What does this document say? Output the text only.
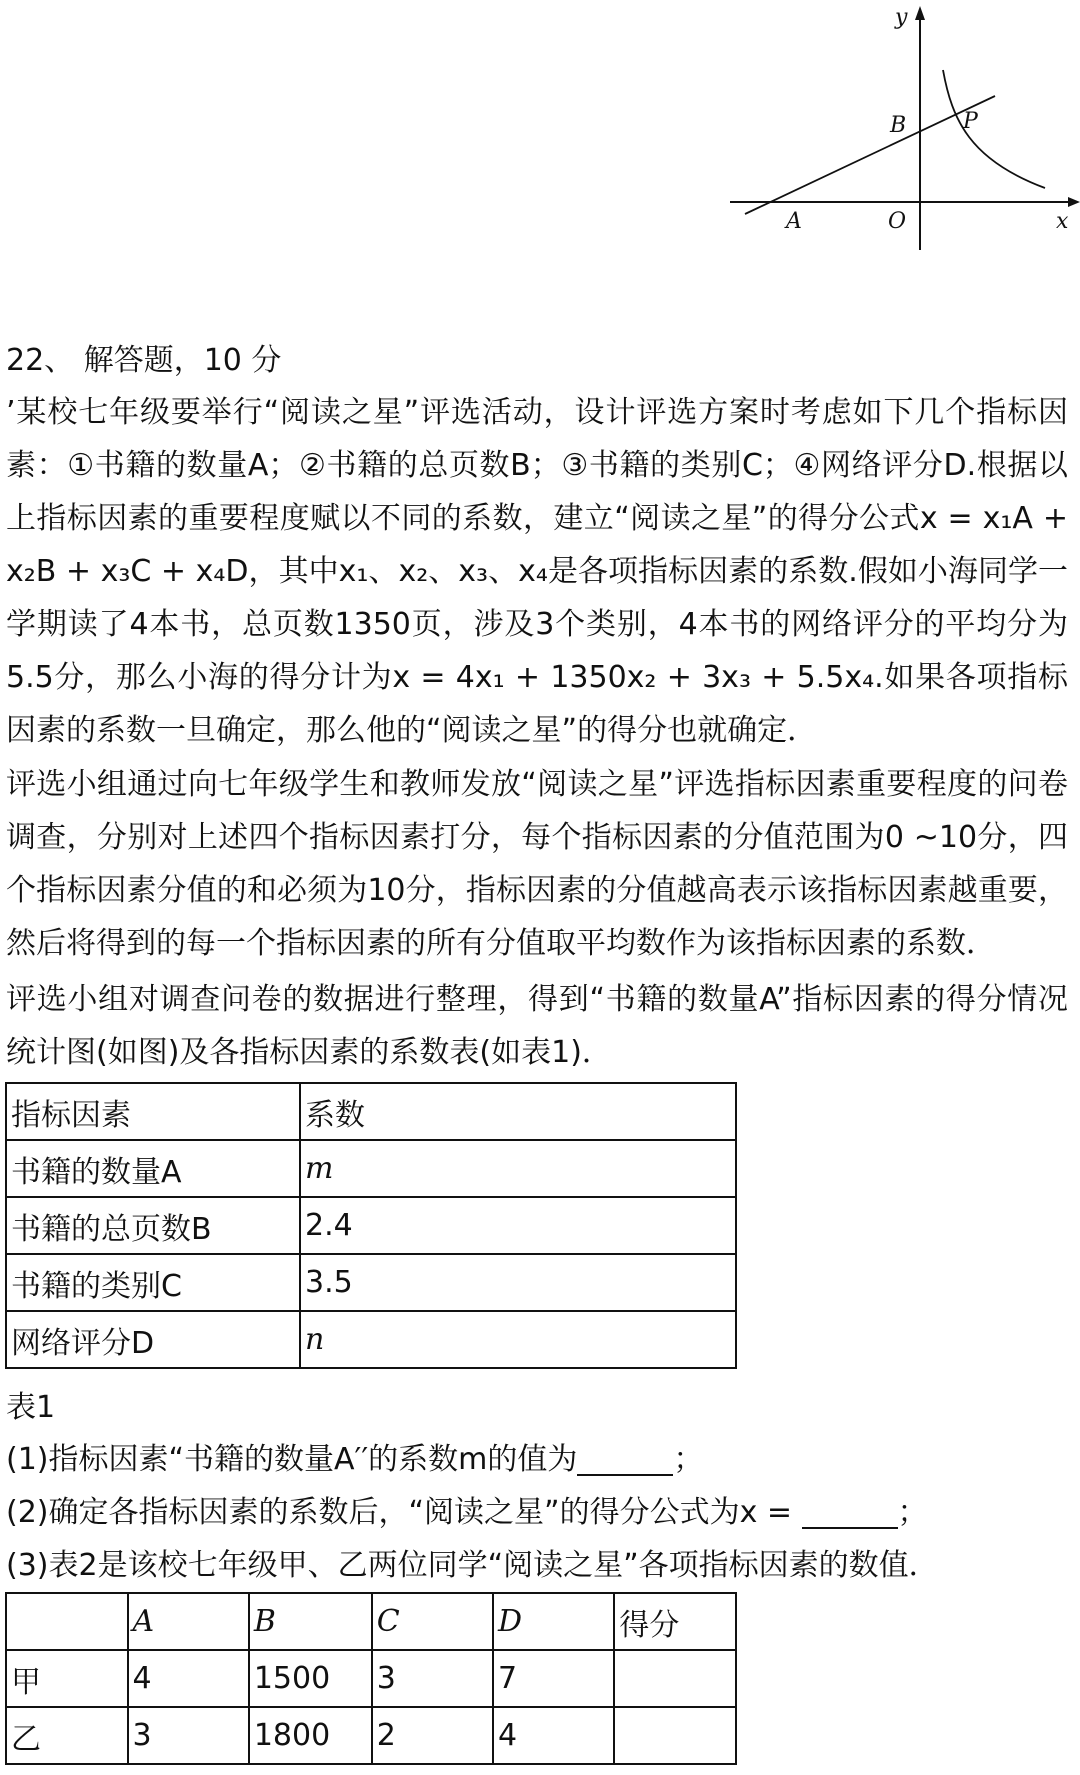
y
x
B	P
A	O
22、 解答题，10 分
’某校七年级要举行“阅读之星”评选活动，设计评选方案时考虑如下几个指标因素：①书籍的数量A；②书籍的总页数B；③书籍的类别C；④网络评分D.根据以上指标因素的重要程度赋以不同的系数，建立“阅读之星”的得分公式x = x₁A + x₂B + x₃C + x₄D，其中x₁、x₂、x₃、x₄是各项指标因素的系数.假如小海同学一学期读了4本书，总页数1350页，涉及3个类别，4本书的网络评分的平均分为5.5分，那么小海的得分计为x = 4x₁ + 1350x₂ + 3x₃ + 5.5x₄.如果各项指标因素的系数一旦确定，那么他的“阅读之星”的得分也就确定．
评选小组通过向七年级学生和教师发放“阅读之星”评选指标因素重要程度的问卷调查，分别对上述四个指标因素打分，每个指标因素的分值范围为0 ~10分，四个指标因素分值的和必须为10分，指标因素的分值越高表示该指标因素越重要，然后将得到的每一个指标因素的所有分值取平均数作为该指标因素的系数．
评选小组对调查问卷的数据进行整理，得到“书籍的数量A”指标因素的得分情况统计图(如图)及各指标因素的系数表(如表1)．
指标因素	系数
书籍的数量A	m
书籍的总页数B	2.4
书籍的类别C	3.5
网络评分D	n
表1
(1)指标因素“书籍的数量A′′的系数m的值为	；
(2)确定各指标因素的系数后，“阅读之星”的得分公式为x =	；
(3)表2是该校七年级甲、乙两位同学“阅读之星”各项指标因素的数值．
	A	B	C	D	得分
甲	4	1500	3	7	
乙	3	1800	2	4	
